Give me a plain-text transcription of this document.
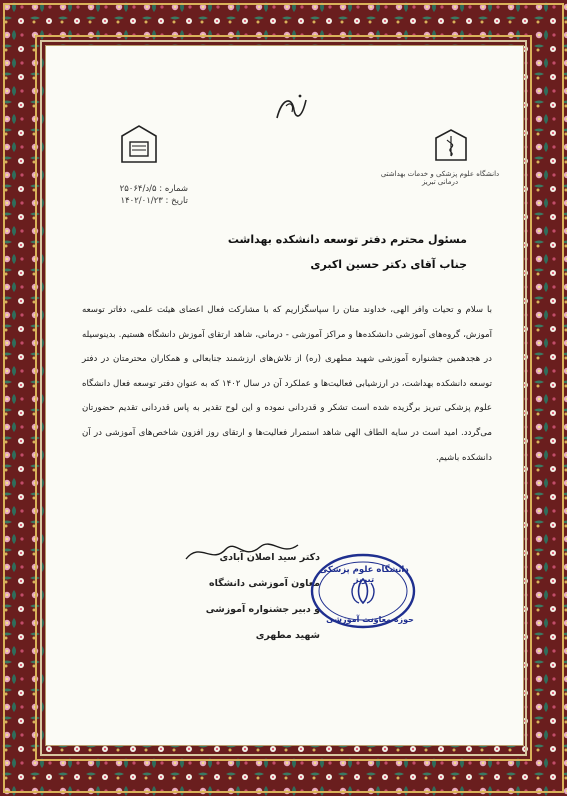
دانشگاه علوم پزشکی و خدمات بهداشتی درمانی تبریز
شماره : ۵/د/۲۵۰۶۴
تاریخ : ۱۴۰۲/۰۱/۲۳
مسئول محترم دفتر توسعه دانشکده بهداشت
جناب آقای دکتر حسین اکبری
با سلام و تحیات وافر الهی، خداوند منان را سپاسگزاریم که با مشارکت فعال اعضای هیئت علمی، دفاتر توسعه آموزش، گروه‌های آموزشی دانشکده‌ها و مراکز آموزشی - درمانی، شاهد ارتقای آموزش دانشگاه هستیم. بدینوسیله در هجدهمین جشنواره آموزشی شهید مطهری (ره) از تلاش‌های ارزشمند جنابعالی و همکاران محترمتان در دفتر توسعه دانشکده بهداشت، در ارزشیابی فعالیت‌ها و عملکرد آن در سال ۱۴۰۲ که به عنوان دفتر توسعه فعال دانشگاه علوم پزشکی تبریز برگزیده شده است تشکر و قدردانی نموده و این لوح تقدیر به پاس قدردانی تقدیم حضورتان می‌گردد. امید است در سایه الطاف الهی شاهد استمرار فعالیت‌ها و ارتقای روز افزون شاخص‌های آموزشی در آن دانشکده باشیم.
دکتر سید اصلان آبادی
معاون آموزشی دانشگاه
و دبیر جشنواره آموزشی شهید مطهری
دانشگاه علوم پزشکی تبریز
حوزه معاونت آموزشی
